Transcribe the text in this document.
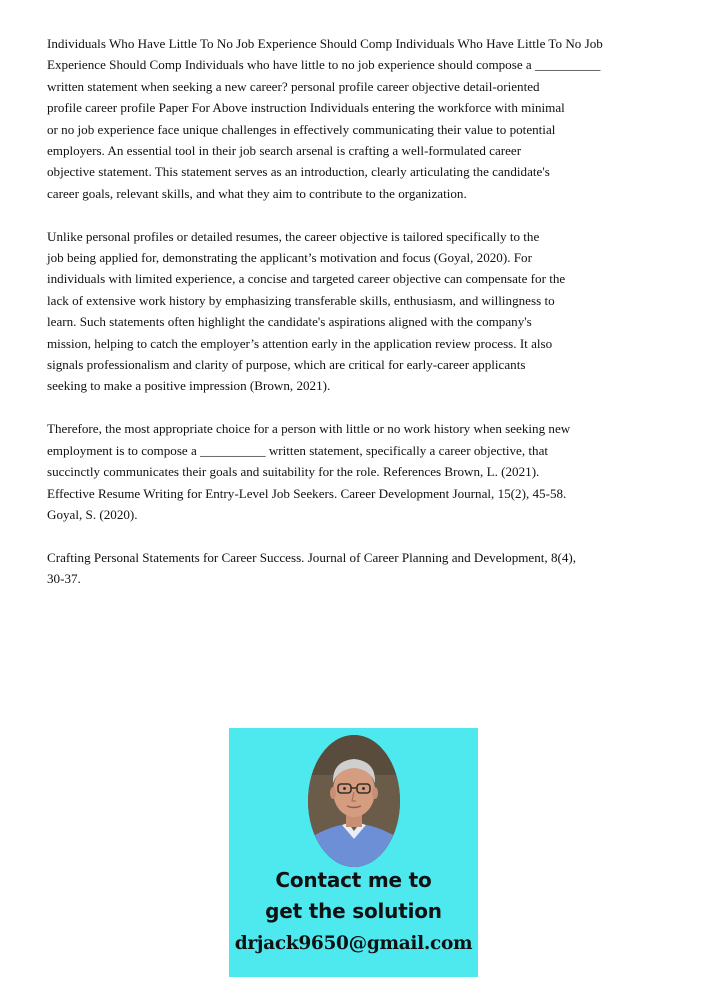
Individuals Who Have Little To No Job Experience Should Comp Individuals Who Have Little To No Job
Experience Should Comp Individuals who have little to no job experience should compose a __________
written statement when seeking a new career? personal profile career objective detail-oriented
profile career profile Paper For Above instruction Individuals entering the workforce with minimal
or no job experience face unique challenges in effectively communicating their value to potential
employers. An essential tool in their job search arsenal is crafting a well-formulated career
objective statement. This statement serves as an introduction, clearly articulating the candidate's
career goals, relevant skills, and what they aim to contribute to the organization.

Unlike personal profiles or detailed resumes, the career objective is tailored specifically to the
job being applied for, demonstrating the applicant’s motivation and focus (Goyal, 2020). For
individuals with limited experience, a concise and targeted career objective can compensate for the
lack of extensive work history by emphasizing transferable skills, enthusiasm, and willingness to
learn. Such statements often highlight the candidate's aspirations aligned with the company's
mission, helping to catch the employer’s attention early in the application review process. It also
signals professionalism and clarity of purpose, which are critical for early-career applicants
seeking to make a positive impression (Brown, 2021).

Therefore, the most appropriate choice for a person with little or no work history when seeking new
employment is to compose a __________ written statement, specifically a career objective, that
succinctly communicates their goals and suitability for the role. References Brown, L. (2021).
Effective Resume Writing for Entry-Level Job Seekers. Career Development Journal, 15(2), 45-58.
Goyal, S. (2020).

Crafting Personal Statements for Career Success. Journal of Career Planning and Development, 8(4),
30-37.

Contact me to
get the solution
drjack9650@gmail.com
